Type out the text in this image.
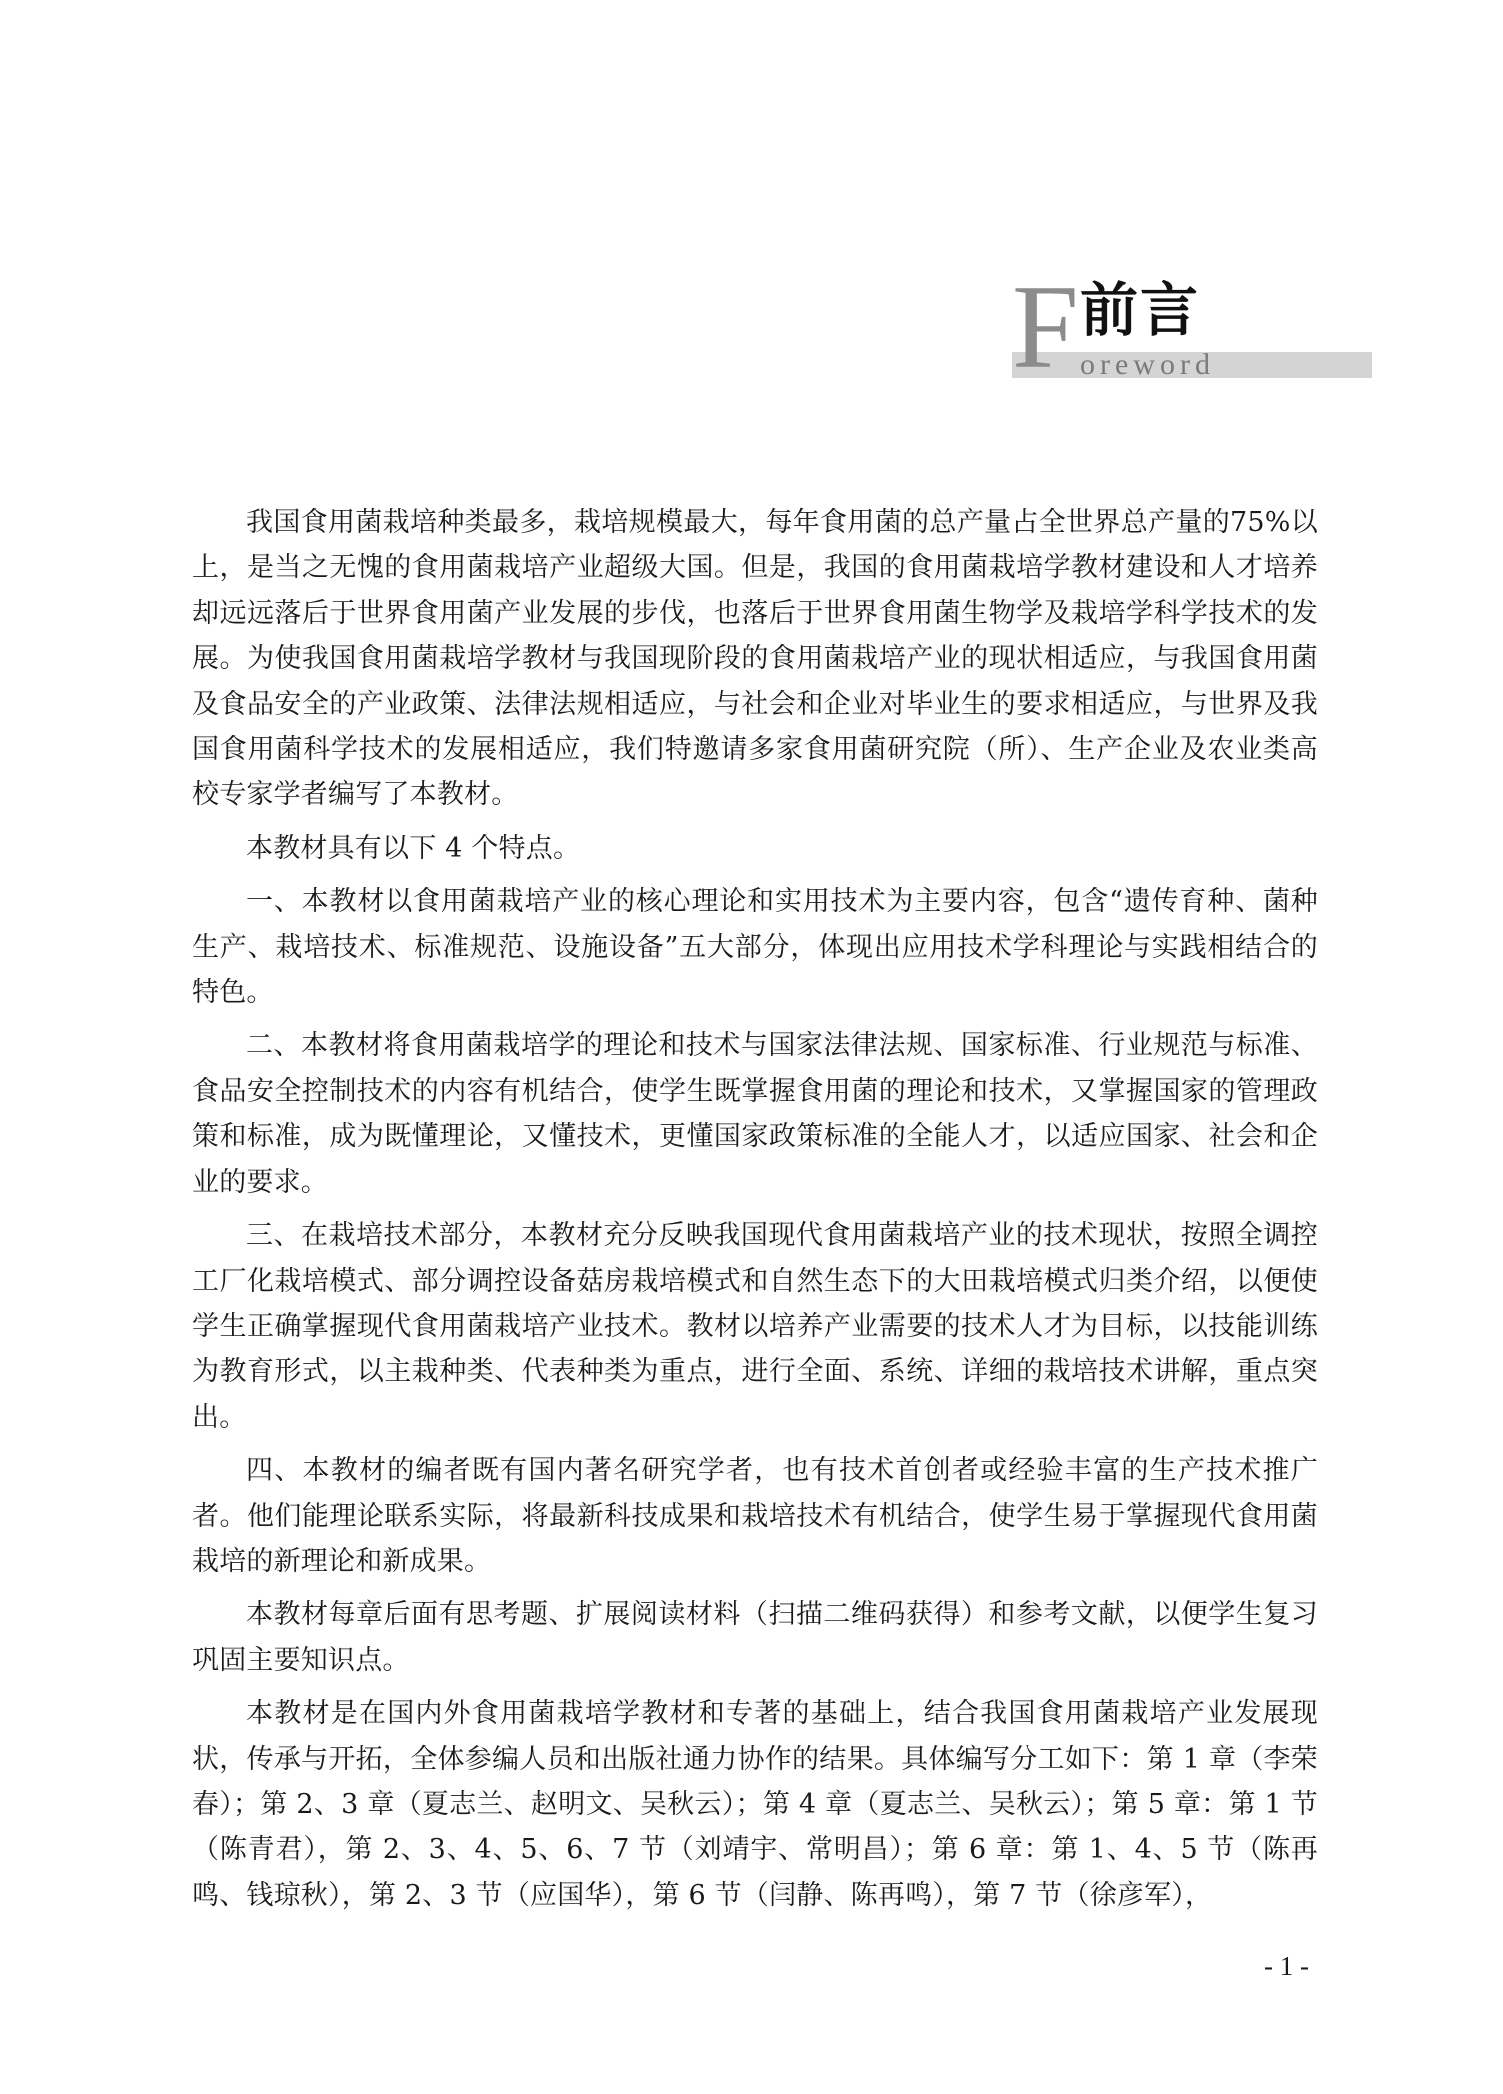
F 前言
oreword

我国食用菌栽培种类最多，栽培规模最大，每年食用菌的总产量占全世界总产量的75%以上，是当之无愧的食用菌栽培产业超级大国。但是，我国的食用菌栽培学教材建设和人才培养却远远落后于世界食用菌产业发展的步伐，也落后于世界食用菌生物学及栽培学科学技术的发展。为使我国食用菌栽培学教材与我国现阶段的食用菌栽培产业的现状相适应，与我国食用菌及食品安全的产业政策、法律法规相适应，与社会和企业对毕业生的要求相适应，与世界及我国食用菌科学技术的发展相适应，我们特邀请多家食用菌研究院（所）、生产企业及农业类高校专家学者编写了本教材。

本教材具有以下 4 个特点。

一、本教材以食用菌栽培产业的核心理论和实用技术为主要内容，包含“遗传育种、菌种生产、栽培技术、标准规范、设施设备”五大部分，体现出应用技术学科理论与实践相结合的特色。

二、本教材将食用菌栽培学的理论和技术与国家法律法规、国家标准、行业规范与标准、食品安全控制技术的内容有机结合，使学生既掌握食用菌的理论和技术，又掌握国家的管理政策和标准，成为既懂理论，又懂技术，更懂国家政策标准的全能人才，以适应国家、社会和企业的要求。

三、在栽培技术部分，本教材充分反映我国现代食用菌栽培产业的技术现状，按照全调控工厂化栽培模式、部分调控设备菇房栽培模式和自然生态下的大田栽培模式归类介绍，以便使学生正确掌握现代食用菌栽培产业技术。教材以培养产业需要的技术人才为目标，以技能训练为教育形式，以主栽种类、代表种类为重点，进行全面、系统、详细的栽培技术讲解，重点突出。

四、本教材的编者既有国内著名研究学者，也有技术首创者或经验丰富的生产技术推广者。他们能理论联系实际，将最新科技成果和栽培技术有机结合，使学生易于掌握现代食用菌栽培的新理论和新成果。

本教材每章后面有思考题、扩展阅读材料（扫描二维码获得）和参考文献，以便学生复习巩固主要知识点。

本教材是在国内外食用菌栽培学教材和专著的基础上，结合我国食用菌栽培产业发展现状，传承与开拓，全体参编人员和出版社通力协作的结果。具体编写分工如下：第 1 章（李荣春）；第 2、3 章（夏志兰、赵明文、吴秋云）；第 4 章（夏志兰、吴秋云）；第 5 章：第 1 节（陈青君），第 2、3、4、5、6、7 节（刘靖宇、常明昌）；第 6 章：第 1、4、5 节（陈再鸣、钱琼秋），第 2、3 节（应国华），第 6 节（闫静、陈再鸣），第 7 节（徐彦军），

- 1 -
